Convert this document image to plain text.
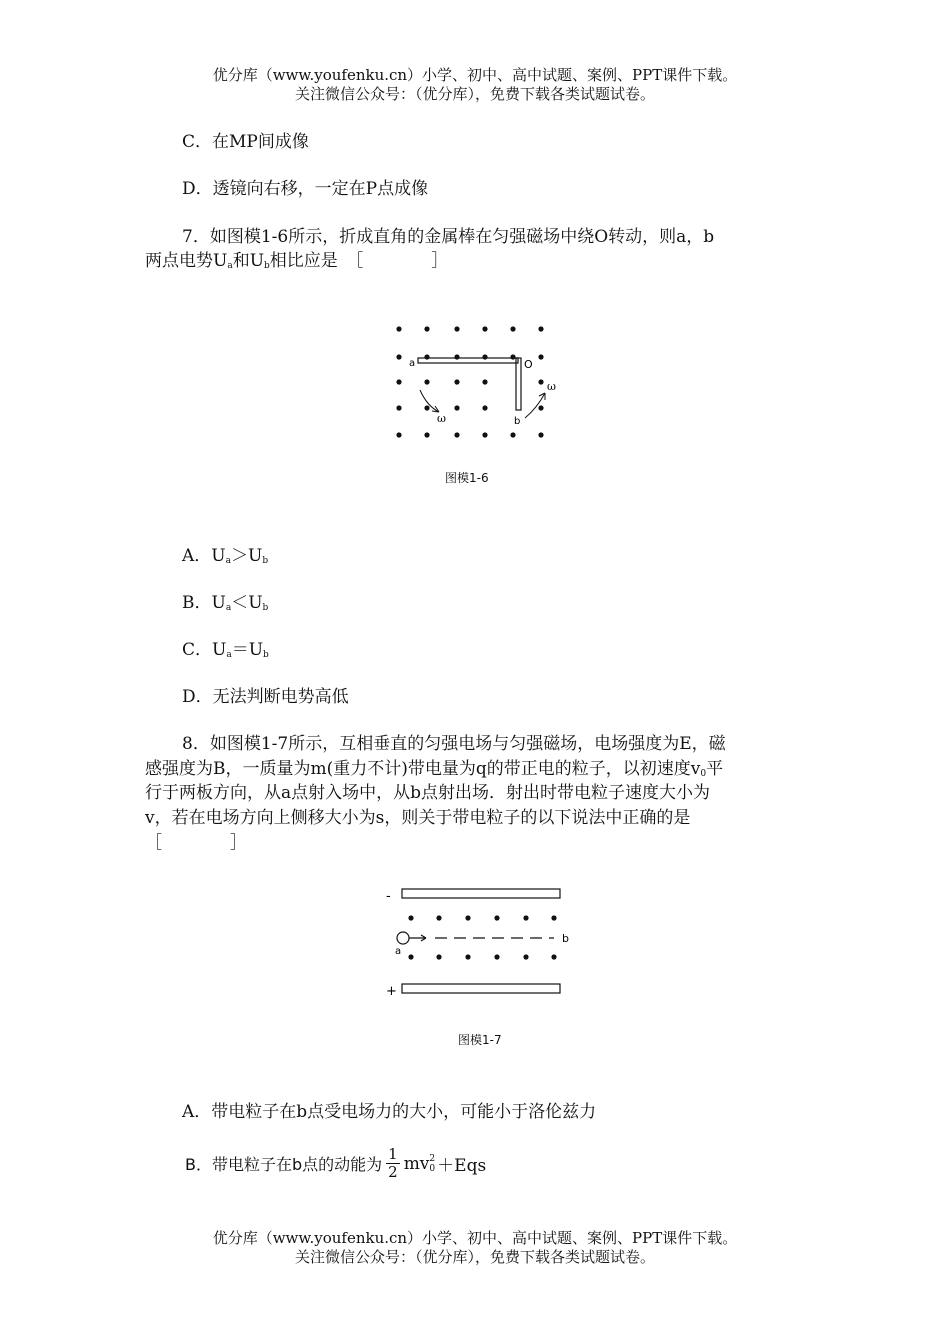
优分库（www.youfenku.cn）小学、初中、高中试题、案例、PPT课件下载。
关注微信公众号：（优分库），免费下载各类试题试卷。
C．在MP间成像
D．透镜向右移，一定在P点成像
7．如图模1-6所示，折成直角的金属棒在匀强磁场中绕O转动，则a，b
两点电势$U_a$和$U_b$相比应是　［　　　　］
a	O
b
ω
ω
图模1-6
A．$U_a>U_b$
B．$U_a<U_b$
C．$U_a=U_b$
D．无法判断电势高低
8．如图模1-7所示，互相垂直的匀强电场与匀强磁场，电场强度为E，磁
感强度为B，一质量为m(重力不计)带电量为q的带正电的粒子，以初速度$v_0$平
行于两板方向，从a点射入场中，从b点射出场．射出时带电粒子速度大小为
v，若在电场方向上侧移大小为s，则关于带电粒子的以下说法中正确的是
［　　　　］
-
a
b
+
图模1-7
A．带电粒子在b点受电场力的大小，可能小于洛伦兹力
B．带电粒子在b点的动能为
1
2 mv 2
0 ＋Eqs
优分库（www.youfenku.cn）小学、初中、高中试题、案例、PPT课件下载。
关注微信公众号：（优分库），免费下载各类试题试卷。
